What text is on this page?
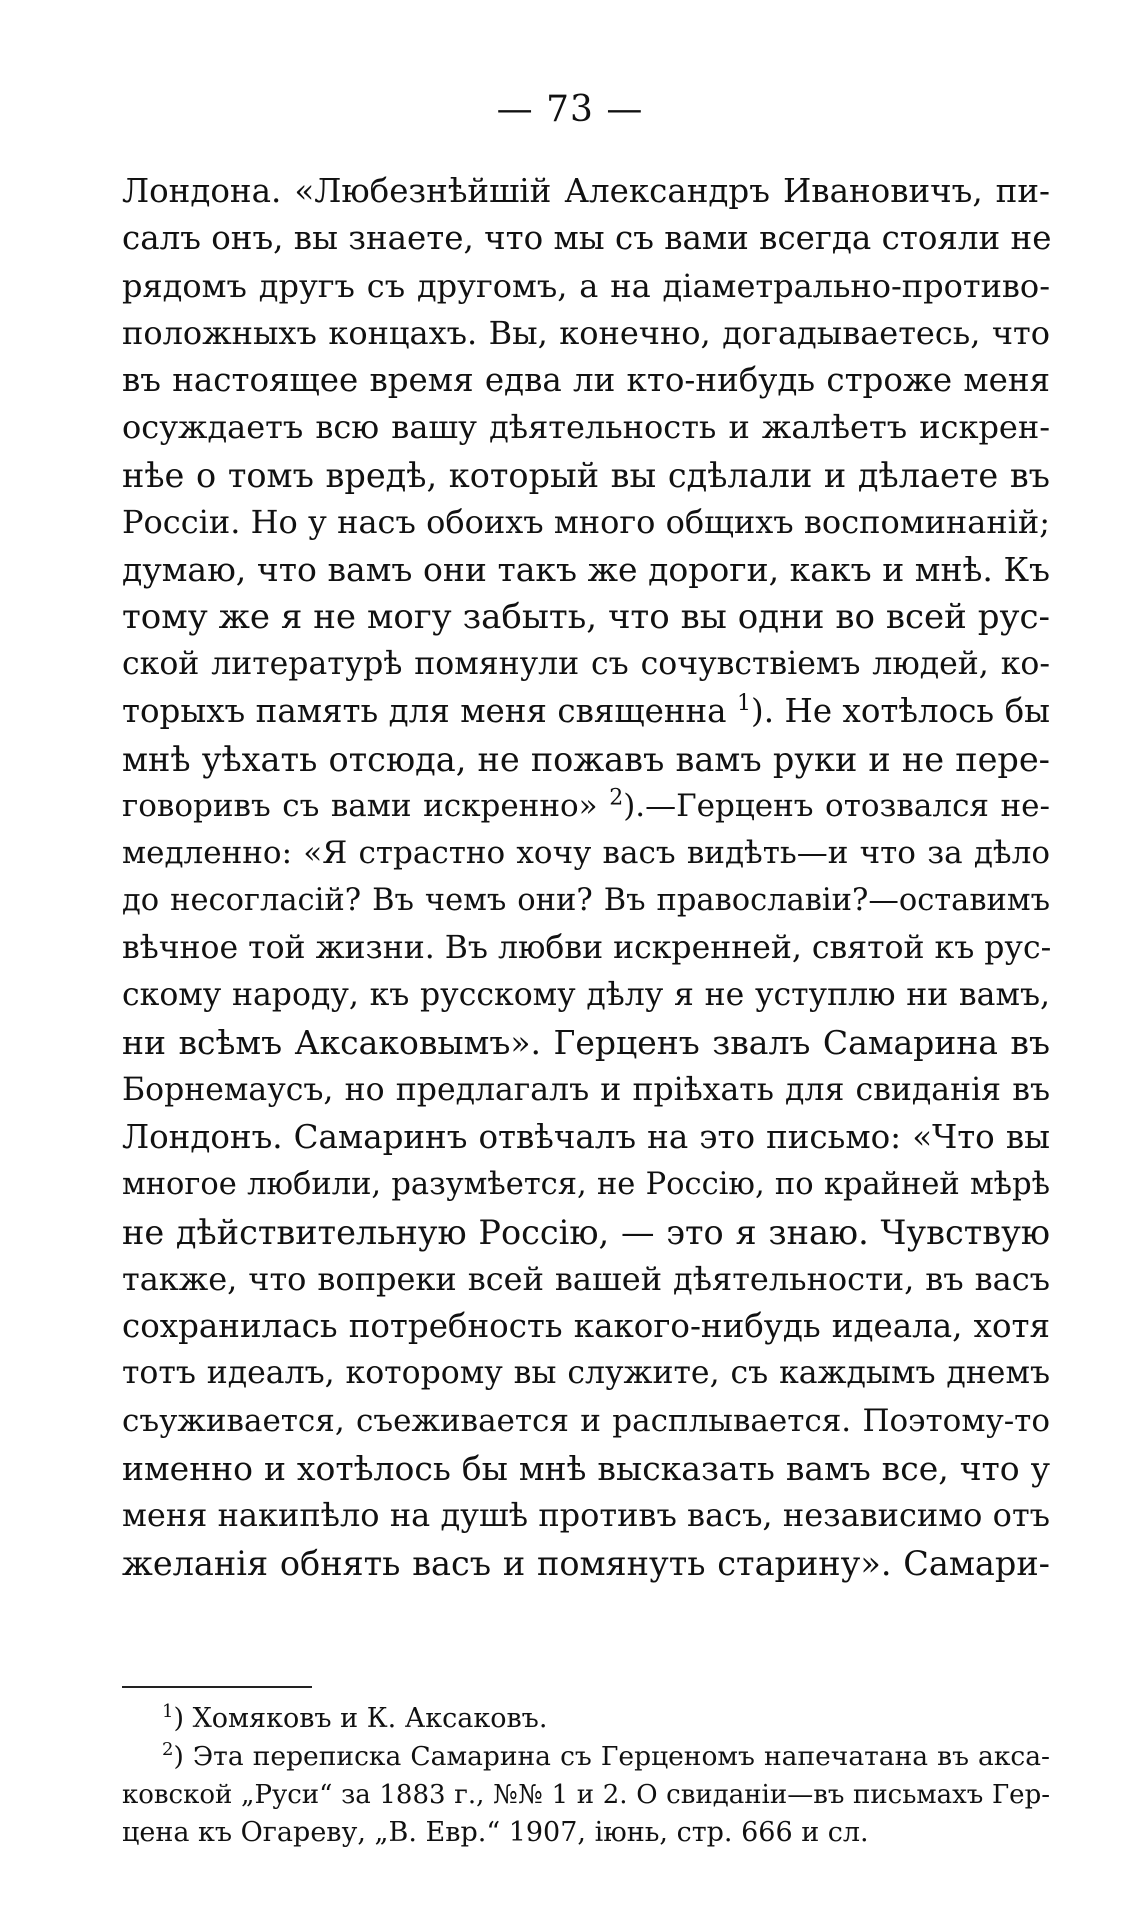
— 73 —
Лондона. «Любезнѣйшій Александръ Ивановичъ, пи-
салъ онъ, вы знаете, что мы съ вами всегда стояли не
рядомъ другъ съ другомъ, а на діаметрально-противо-
положныхъ концахъ. Вы, конечно, догадываетесь, что
въ настоящее время едва ли кто-нибудь строже меня
осуждаетъ всю вашу дѣятельность и жалѣетъ искрен-
нѣе о томъ вредѣ, который вы сдѣлали и дѣлаете въ
Россіи. Но у насъ обоихъ много общихъ воспоминаній;
думаю, что вамъ они такъ же дороги, какъ и мнѣ. Къ
тому же я не могу забыть, что вы одни во всей рус-
ской литературѣ помянули съ сочувствіемъ людей, ко-
торыхъ память для меня священна $^1$). Не хотѣлось бы
мнѣ уѣхать отсюда, не пожавъ вамъ руки и не пере-
говоривъ съ вами искренно» $^2$).—Герценъ отозвался не-
медленно: «Я страстно хочу васъ видѣть—и что за дѣло
до несогласій? Въ чемъ они? Въ православіи?—оставимъ
вѣчное той жизни. Въ любви искренней, святой къ рус-
скому народу, къ русскому дѣлу я не уступлю ни вамъ,
ни всѣмъ Аксаковымъ». Герценъ звалъ Самарина въ
Борнемаусъ, но предлагалъ и пріѣхать для свиданія въ
Лондонъ. Самаринъ отвѣчалъ на это письмо: «Что вы
многое любили, разумѣется, не Россію, по крайней мѣрѣ
не дѣйствительную Россію, — это я знаю. Чувствую
также, что вопреки всей вашей дѣятельности, въ васъ
сохранилась потребность какого-нибудь идеала, хотя
тотъ идеалъ, которому вы служите, съ каждымъ днемъ
съуживается, съеживается и расплывается. Поэтому-то
именно и хотѣлось бы мнѣ высказать вамъ все, что у
меня накипѣло на душѣ противъ васъ, независимо отъ
желанія обнять васъ и помянуть старину». Самари-
$^1$) Хомяковъ и К. Аксаковъ.
$^2$) Эта переписка Самарина съ Герценомъ напечатана въ акса-
ковской „Руси“ за 1883 г., №№ 1 и 2. О свиданіи—въ письмахъ Гер-
цена къ Огареву, „В. Евр.“ 1907, іюнь, стр. 666 и сл.
